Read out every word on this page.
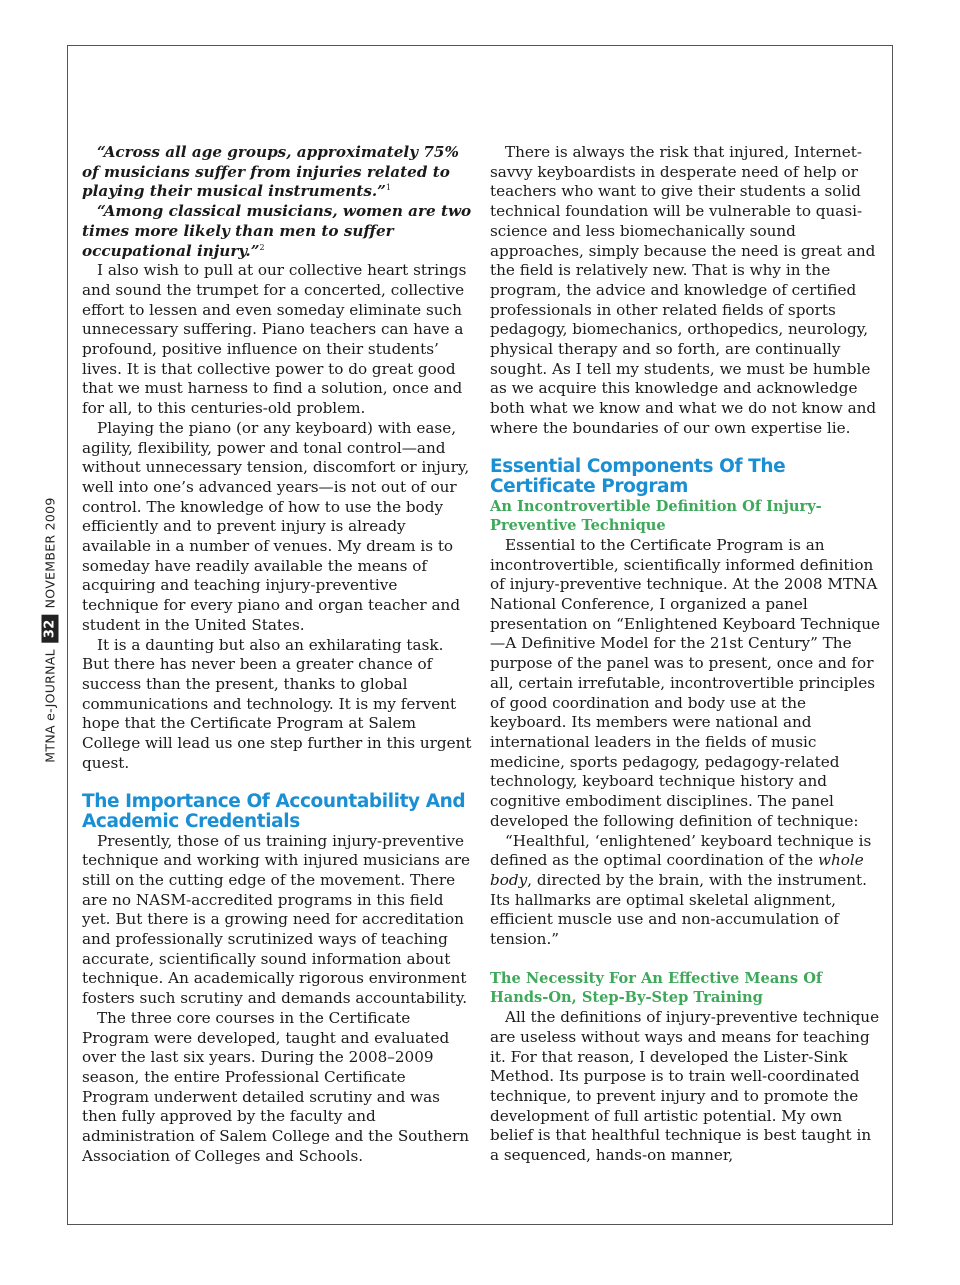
MTNA e-JOURNAL
32
NOVEMBER 2009

“Across all age groups, approximately 75% of musicians suffer from injuries related to playing their musical instruments.”$^1$

“Among classical musicians, women are two times more likely than men to suffer occupational injury.”$^2$

I also wish to pull at our collective heart strings and sound the trumpet for a concerted, collective effort to lessen and even someday eliminate such unnecessary suffering. Piano teachers can have a profound, positive influence on their students’ lives. It is that collective power to do great good that we must harness to find a solution, once and for all, to this centuries-old problem.

Playing the piano (or any keyboard) with ease, agility, flexibility, power and tonal control—and without unnecessary tension, discomfort or injury, well into one’s advanced years—is not out of our control. The knowledge of how to use the body efficiently and to prevent injury is already available in a number of venues. My dream is to someday have readily available the means of acquiring and teaching injury-preventive technique for every piano and organ teacher and student in the United States.

It is a daunting but also an exhilarating task. But there has never been a greater chance of success than the present, thanks to global communications and technology. It is my fervent hope that the Certificate Program at Salem College will lead us one step further in this urgent quest.

The Importance Of Accountability And Academic Credentials

Presently, those of us training injury-preventive technique and working with injured musicians are still on the cutting edge of the movement. There are no NASM-accredited programs in this field yet. But there is a growing need for accreditation and professionally scrutinized ways of teaching accurate, scientifically sound information about technique. An academically rigorous environment fosters such scrutiny and demands accountability.

The three core courses in the Certificate Program were developed, taught and evaluated over the last six years. During the 2008–2009 season, the entire Professional Certificate Program underwent detailed scrutiny and was then fully approved by the faculty and administration of Salem College and the Southern Association of Colleges and Schools.

There is always the risk that injured, Internet-savvy keyboardists in desperate need of help or teachers who want to give their students a solid technical foundation will be vulnerable to quasi-science and less biomechanically sound approaches, simply because the need is great and the field is relatively new. That is why in the program, the advice and knowledge of certified professionals in other related fields of sports pedagogy, biomechanics, orthopedics, neurology, physical therapy and so forth, are continually sought. As I tell my students, we must be humble as we acquire this knowledge and acknowledge both what we know and what we do not know and where the boundaries of our own expertise lie.

Essential Components Of The Certificate Program
An Incontrovertible Definition Of Injury-Preventive Technique

Essential to the Certificate Program is an incontrovertible, scientifically informed definition of injury-preventive technique. At the 2008 MTNA National Conference, I organized a panel presentation on “Enlightened Keyboard Technique—A Definitive Model for the 21st Century” The purpose of the panel was to present, once and for all, certain irrefutable, incontrovertible principles of good coordination and body use at the keyboard. Its members were national and international leaders in the fields of music medicine, sports pedagogy, pedagogy-related technology, keyboard technique history and cognitive embodiment disciplines. The panel developed the following definition of technique:

“Healthful, ‘enlightened’ keyboard technique is defined as the optimal coordination of the whole body, directed by the brain, with the instrument. Its hallmarks are optimal skeletal alignment, efficient muscle use and non-accumulation of tension.”

The Necessity For An Effective Means Of Hands-On, Step-By-Step Training

All the definitions of injury-preventive technique are useless without ways and means for teaching it. For that reason, I developed the Lister-Sink Method. Its purpose is to train well-coordinated technique, to prevent injury and to promote the development of full artistic potential. My own belief is that healthful technique is best taught in a sequenced, hands-on manner,
